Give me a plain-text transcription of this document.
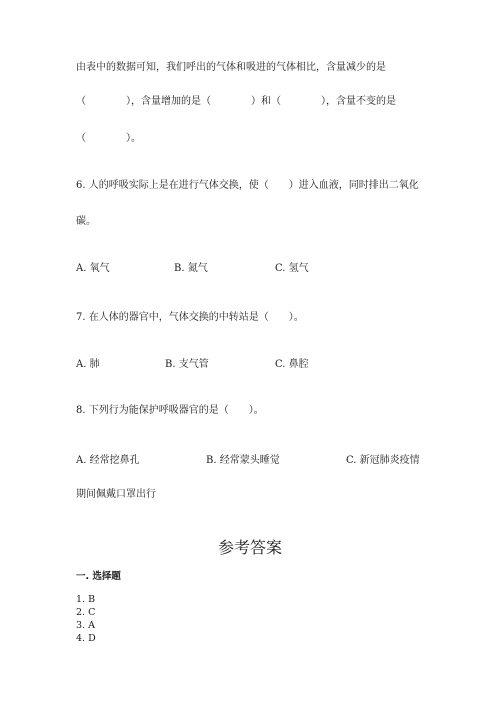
由表中的数据可知，我们呼出的气体和吸进的气体相比，含量减少的是
（　　　　），含量增加的是（　　　　）和（　　　　），含量不变的是
（　　　　）。
6. 人的呼吸实际上是在进行气体交换，使（　　）进入血液，同时排出二氧化
碳。
A. 氧气	B. 氮气	C. 氢气
7. 在人体的器官中，气体交换的中转站是（　　）。
A. 肺	B. 支气管	C. 鼻腔
8. 下列行为能保护呼吸器官的是（　　）。
A. 经常挖鼻孔	B. 经常蒙头睡觉	C. 新冠肺炎疫情
期间佩戴口罩出行
参考答案
一. 选择题
1. B
2. C
3. A
4. D
